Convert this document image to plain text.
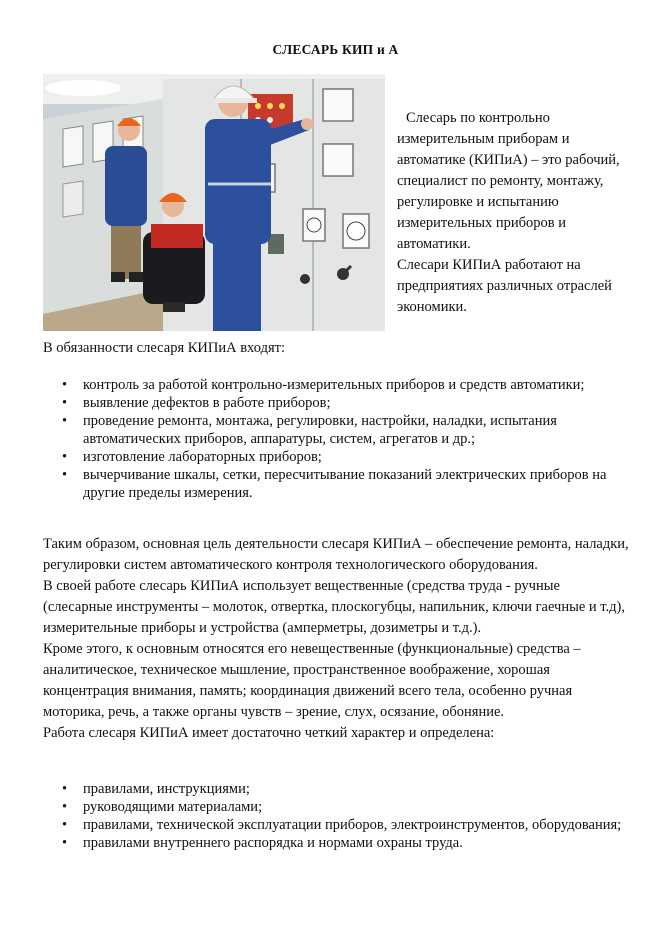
СЛЕСАРЬ КИП и А

Слесарь по контрольно измерительным приборам и автоматике (КИПиА) – это рабочий, специалист по ремонту, монтажу, регулировке и испытанию измерительных приборов и автоматики.

Слесари КИПиА работают на предприятиях различных отраслей экономики.

В обязанности слесаря КИПиА входят:

• контроль за работой контрольно-измерительных приборов и средств автоматики;
• выявление дефектов в работе приборов;
• проведение ремонта, монтажа, регулировки, настройки, наладки, испытания автоматических приборов, аппаратуры, систем, агрегатов и др.;
• изготовление лабораторных приборов;
• вычерчивание шкалы, сетки, пересчитывание показаний электрических приборов на другие пределы измерения.

Таким образом, основная цель деятельности слесаря КИПиА – обеспечение ремонта, наладки, регулировки систем автоматического контроля технологического оборудования.

В своей работе слесарь КИПиА использует вещественные (средства труда - ручные (слесарные инструменты – молоток, отвертка, плоскогубцы, напильник, ключи гаечные и т.д), измерительные приборы и устройства (амперметры, дозиметры и т.д.).

Кроме этого, к основным относятся его невещественные (функциональные) средства – аналитическое, техническое мышление, пространственное воображение, хорошая концентрация внимания, память; координация движений всего тела, особенно ручная моторика, речь, а также органы чувств – зрение, слух, осязание, обоняние.

Работа слесаря КИПиА имеет достаточно четкий характер и определена:

• правилами, инструкциями;
• руководящими материалами;
• правилами, технической эксплуатации приборов, электроинструментов, оборудования;
• правилами внутреннего распорядка и нормами охраны труда.
